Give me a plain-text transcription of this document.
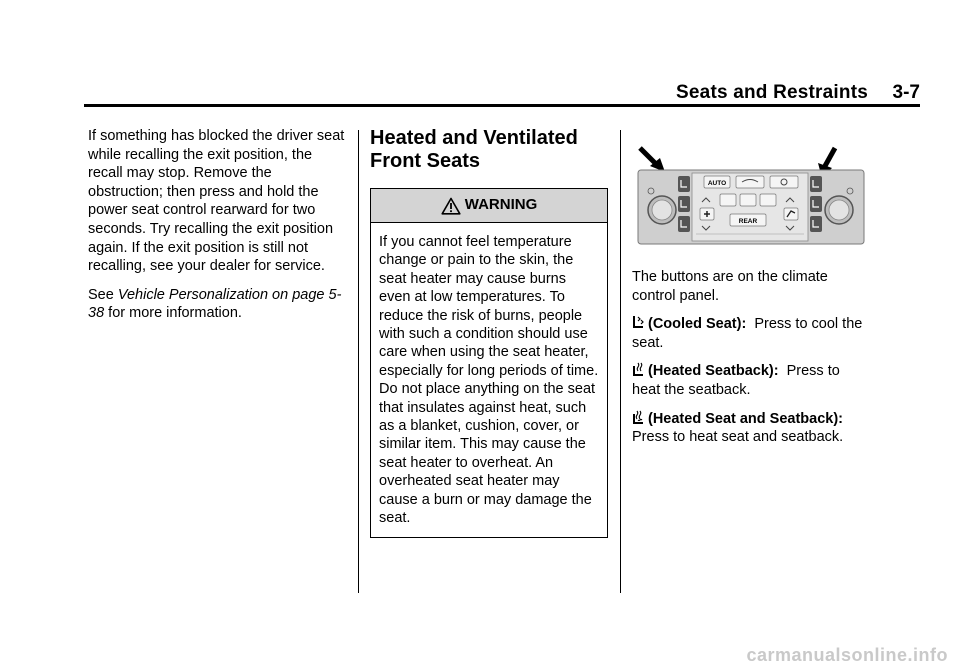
Seats and Restraints 3-7

If something has blocked the driver seat while recalling the exit position, the recall may stop. Remove the obstruction; then press and hold the power seat control rearward for two seconds. Try recalling the exit position again. If the exit position is still not recalling, see your dealer for service.

See Vehicle Personalization on page 5-38 for more information.

Heated and Ventilated Front Seats
WARNING
If you cannot feel temperature change or pain to the skin, the seat heater may cause burns even at low temperatures. To reduce the risk of burns, people with such a condition should use care when using the seat heater, especially for long periods of time. Do not place anything on the seat that insulates against heat, such as a blanket, cushion, cover, or similar item. This may cause the seat heater to overheat. An overheated seat heater may cause a burn or may damage the seat.
AUTO
REAR

The buttons are on the climate control panel.

(Cooled Seat): Press to cool the seat.

(Heated Seatback): Press to heat the seatback.

(Heated Seat and Seatback):
Press to heat seat and seatback.

carmanualsonline.info
